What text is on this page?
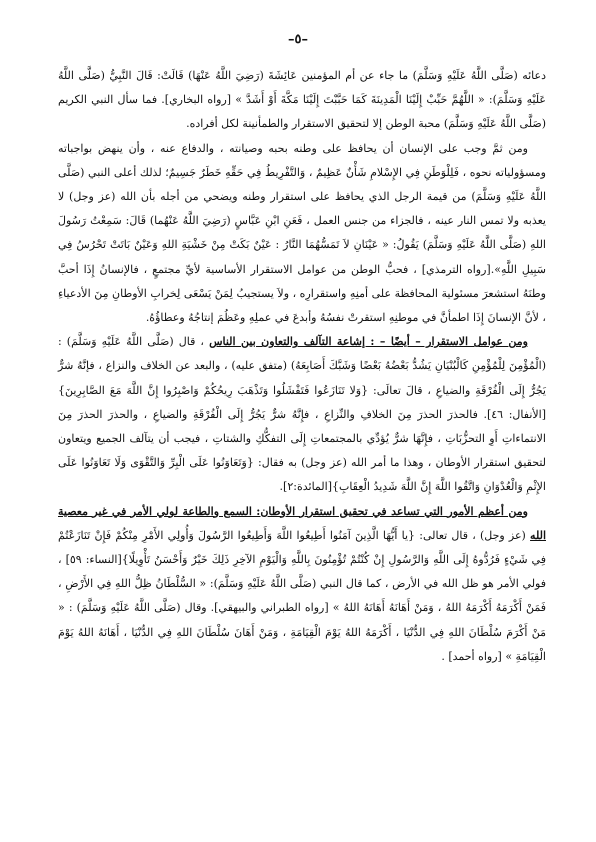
–٥–

دعائه (صَلَّى اللَّهُ عَلَيْهِ وَسَلَّمَ) ما جاء عن أم المؤمنين عَائِشَةَ (رَضِيَ اللَّهُ عَنْهَا) قَالَتْ: قَالَ النَّبِيُّ (صَلَّى اللَّهُ عَلَيْهِ وَسَلَّمَ): « اللَّهُمَّ حَبِّبْ إِلَيْنَا الْمَدِينَةَ كَمَا حَبَّبْتَ إِلَيْنَا مَكَّةَ أَوْ أَشَدَّ » [رواه البخاري]. فما سأل النبي الكريم (صَلَّى اللَّهُ عَلَيْهِ وَسَلَّمَ) محبة الوطن إلا لتحقيق الاستقرار والطمأنينة لكل أفراده.

ومن ثمَّ وجب على الإنسان أن يحافظ على وطنه بحبه وصيانته ، والدفاع عنه ، وأن ينهض بواجباته ومسؤولياته نحوه ، فَلِلْوَطَنِ فِي الإِسْلامِ شَأْنٌ عَظِيمٌ ، وَالتَّفْرِيطُ فِي حَقِّهِ خَطَرٌ جَسِيمٌ؛ لذلك أعلى النبي (صَلَّى اللَّهُ عَلَيْهِ وَسَلَّمَ) من قيمة الرجل الذي يحافظ على استقرار وطنه ويضحي من أجله بأن الله (عز وجل) لا يعذبه ولا تمس النار عينه ، فالجزاء من جنس العمل ، فَعَنِ ابْنِ عَبَّاسٍ (رَضِيَ اللَّهُ عَنْهُما) قَالَ: سَمِعْتُ رَسُولَ اللهِ (صَلَّى اللَّهُ عَلَيْهِ وَسَلَّمَ) يَقُولُ: « عَيْنَانِ لاَ تَمَسُّهُمَا النَّارُ : عَيْنٌ بَكَتْ مِنْ خَشْيَةِ اللهِ وَعَيْنٌ بَاتَتْ تَحْرُسُ فِي سَبِيلِ اللَّهِ».[رواه الترمذي] ، فحبُّ الوطن من عوامل الاستقرار الأساسية لأيِّ مجتمعٍ ، فالإنسانُ إِذَا أحبَّ وطنَهُ استشعرَ مسئولية المحافظة على أمنِهِ واستقرارِه ، ولاَ يستجيبُ لِمَنْ يَسْعَى لِخرابِ الأوطانِ مِنَ الأدعياءِ ، لأنَّ الإنسانَ إِذَا اطمأنَّ في موطنِهِ استقرتْ نفسُهُ وأبدعَ في عملِهِ وعَظُمَ إنتاجُهُ وعطاؤُهُ.

ومن عوامل الاستقرار – أيضًا – : إشاعة التآلف والتعاون بين الناس ، قال (صَلَّى اللَّهُ عَلَيْهِ وَسَلَّمَ) : (الْمُؤْمِنَ لِلْمُؤْمِنِ كَالْبُنْيَانِ يَشُدُّ بَعْضُهُ بَعْضًا وَشَبَّكَ أَصَابِعَهُ) (متفق عليه) ، والبعد عن الخلاف والنزاع ، فإنَّهُ شرٌّ يَجُرُّ إِلَى الْفُرْقَةِ والضياعِ ، قالَ تعالَى: {وَلا تَنَازَعُوا فَتَفْشَلُوا وَتَذْهَبَ رِيحُكُمْ وَاصْبِرُوا إِنَّ اللَّهَ مَعَ الصَّابِرِينَ}[الأنفال: ٤٦]. فالحذرَ الحذرَ مِنَ الخلافِ والنِّزاعِ ، فإِنَّهُ شرٌّ يَجُرُّ إِلَى الْفُرْقَةِ والضياعِ ، والحذرَ الحذرَ مِنَ الانتماءاتِ أَوِ التحزُّبَاتِ ، فإِنَّهَا شرٌّ يُؤدِّي بالمجتمعاتِ إِلَى التفكُّكِ والشتاتِ ، فيجب أن يتآلف الجميع ويتعاون لتحقيق استقرار الأوطان ، وهذا ما أمر الله (عز وجل) به فقال: {وَتَعَاوَنُوا عَلَى الْبِرِّ وَالتَّقْوَى وَلَا تَعَاوَنُوا عَلَى الإِثْمِ وَالْعُدْوَانِ وَاتَّقُوا اللَّهَ إِنَّ اللَّهَ شَدِيدُ الْعِقَابِ}[المائدة:٢].

ومن أعظم الأمور التي تساعد في تحقيق استقرار الأوطان: السمع والطاعة لولي الأمر في غير معصية الله (عز وجل) ، قال تعالى: {يا أَيُّهَا الَّذِينَ آمَنُوا أَطِيعُوا اللَّهَ وَأَطِيعُوا الرَّسُولَ وَأُولِي الأَمْرِ مِنْكُمْ فَإِنْ تَنَازَعْتُمْ فِي شَيْءٍ فَرُدُّوهُ إِلَى اللَّهِ وَالرَّسُولِ إِنْ كُنْتُمْ تُؤْمِنُونَ بِاللَّهِ وَالْيَوْمِ الآخِرِ ذَلِكَ خَيْرٌ وَأَحْسَنُ تَأْوِيلًا}[النساء: ٥٩] ، فولي الأمر هو ظل الله في الأرض ، كما قال النبي (صَلَّى اللَّهُ عَلَيْهِ وَسَلَّمَ): « السُّلْطَانُ ظِلُّ اللهِ فِي الأَرْضِ ، فَمَنْ أَكْرَمَهُ أَكْرَمَهُ اللهُ ، وَمَنْ أَهَانَهُ أَهَانَهُ اللهُ » [رواه الطبراني والبيهقي]. وقال (صَلَّى اللَّهُ عَلَيْهِ وَسَلَّمَ) : « مَنْ أَكْرَمَ سُلْطَانَ اللهِ فِي الدُّنْيَا ، أَكْرَمَهُ اللهُ يَوْمَ الْقِيَامَةِ ، وَمَنْ أَهَانَ سُلْطَانَ اللهِ فِي الدُّنْيَا ، أَهَانَهُ اللهُ يَوْمَ الْقِيَامَةِ » [رواه أحمد] .
